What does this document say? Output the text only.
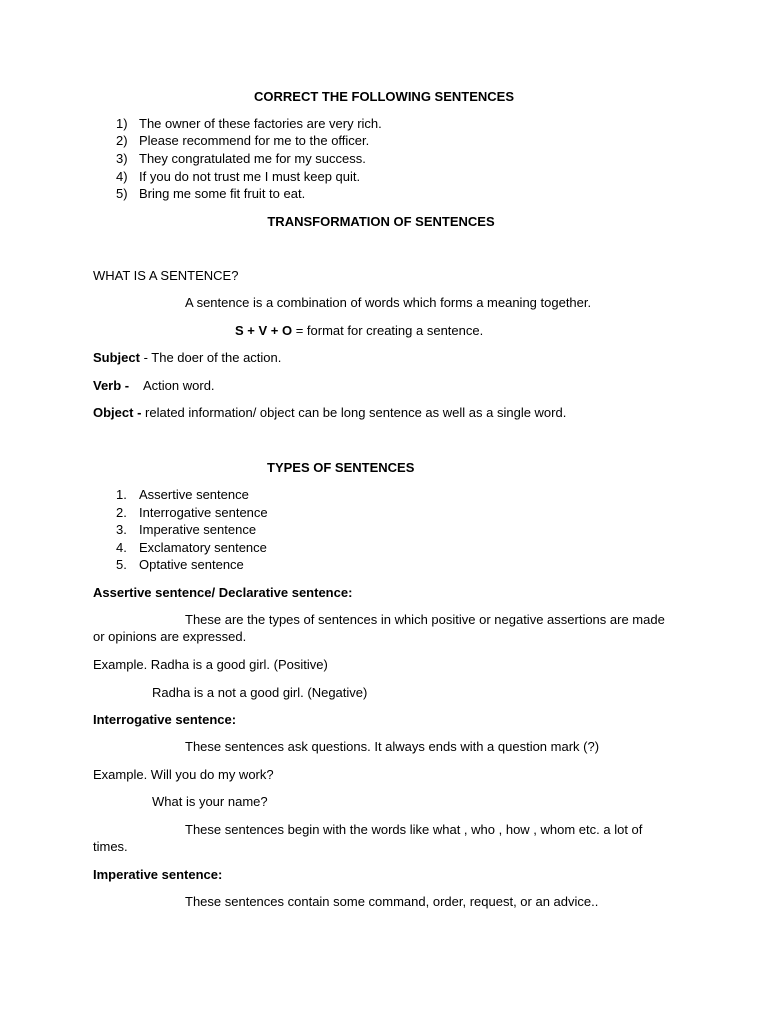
CORRECT THE FOLLOWING SENTENCES
1) The owner of these factories are very rich.
2) Please recommend for me to the officer.
3) They congratulated me for my success.
4) If you do not trust me I must keep quit.
5) Bring me some fit fruit to eat.
TRANSFORMATION OF SENTENCES
WHAT IS A SENTENCE?
A sentence is a combination of words which forms a meaning together.
S + V + O = format for creating a sentence.
Subject - The doer of the action.
Verb - Action word.
Object - related information/ object can be long sentence as well as a single word.
TYPES OF SENTENCES
1. Assertive sentence
2. Interrogative sentence
3. Imperative sentence
4. Exclamatory sentence
5. Optative sentence
Assertive sentence/ Declarative sentence:
These are the types of sentences in which positive or negative assertions are made
or opinions are expressed.
Example. Radha is a good girl. (Positive)
Radha is a not a good girl. (Negative)
Interrogative sentence:
These sentences ask questions. It always ends with a question mark (?)
Example. Will you do my work?
What is your name?
These sentences begin with the words like what , who , how , whom etc. a lot of
times.
Imperative sentence:
These sentences contain some command, order, request, or an advice..
